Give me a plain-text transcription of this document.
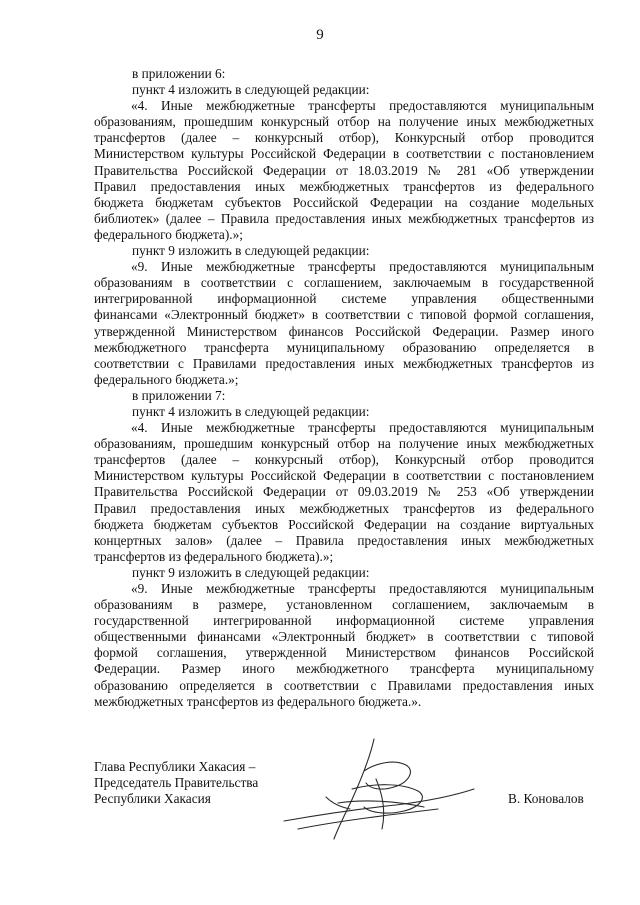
9
в приложении 6:
пункт 4 изложить в следующей редакции:
«4. Иные межбюджетные трансферты предоставляются муниципальным
образованиям, прошедшим конкурсный отбор на получение иных межбюджетных
трансфертов (далее – конкурсный отбор), Конкурсный отбор проводится
Министерством культуры Российской Федерации в соответствии с постановлением
Правительства Российской Федерации от 18.03.2019 № 281 «Об утверждении
Правил предоставления иных межбюджетных трансфертов из федерального
бюджета бюджетам субъектов Российской Федерации на создание модельных
библиотек» (далее – Правила предоставления иных межбюджетных трансфертов из
федерального бюджета).»;
пункт 9 изложить в следующей редакции:
«9. Иные межбюджетные трансферты предоставляются муниципальным
образованиям в соответствии с соглашением, заключаемым в государственной
интегрированной информационной системе управления общественными
финансами «Электронный бюджет» в соответствии с типовой формой соглашения,
утвержденной Министерством финансов Российской Федерации. Размер иного
межбюджетного трансферта муниципальному образованию определяется в
соответствии с Правилами предоставления иных межбюджетных трансфертов из
федерального бюджета.»;
в приложении 7:
пункт 4 изложить в следующей редакции:
«4. Иные межбюджетные трансферты предоставляются муниципальным
образованиям, прошедшим конкурсный отбор на получение иных межбюджетных
трансфертов (далее – конкурсный отбор), Конкурсный отбор проводится
Министерством культуры Российской Федерации в соответствии с постановлением
Правительства Российской Федерации от 09.03.2019 № 253 «Об утверждении
Правил предоставления иных межбюджетных трансфертов из федерального
бюджета бюджетам субъектов Российской Федерации на создание виртуальных
концертных залов» (далее – Правила предоставления иных межбюджетных
трансфертов из федерального бюджета).»;
пункт 9 изложить в следующей редакции:
«9. Иные межбюджетные трансферты предоставляются муниципальным
образованиям в размере, установленном соглашением, заключаемым в
государственной интегрированной информационной системе управления
общественными финансами «Электронный бюджет» в соответствии с типовой
формой соглашения, утвержденной Министерством финансов Российской
Федерации. Размер иного межбюджетного трансферта муниципальному
образованию определяется в соответствии с Правилами предоставления иных
межбюджетных трансфертов из федерального бюджета.».
Глава Республики Хакасия –
Председатель Правительства
Республики Хакасия	В. Коновалов
